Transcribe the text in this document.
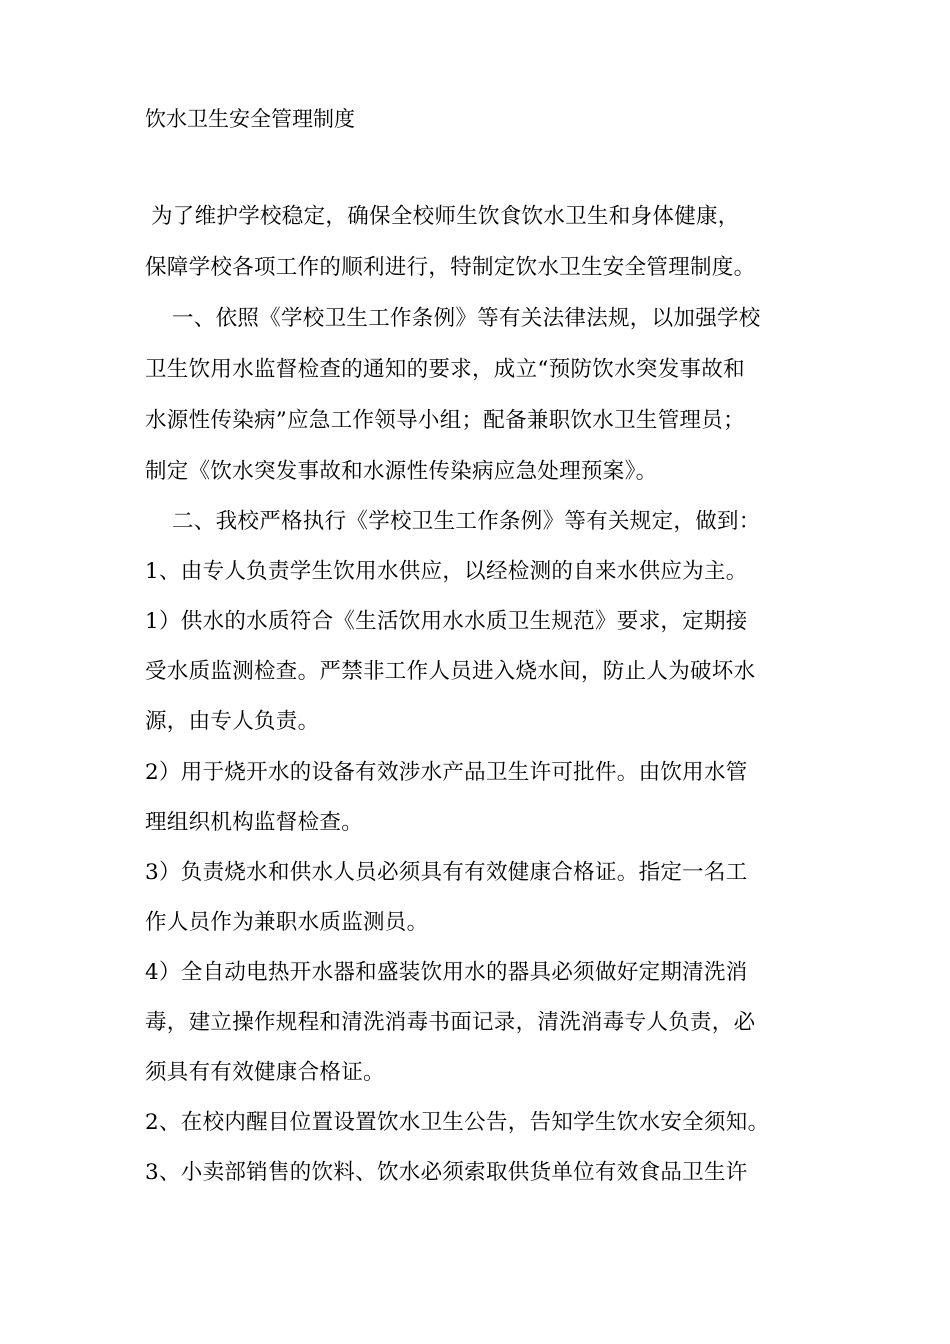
饮水卫生安全管理制度
为了维护学校稳定，确保全校师生饮食饮水卫生和身体健康，
保障学校各项工作的顺利进行，特制定饮水卫生安全管理制度。
一、依照《学校卫生工作条例》等有关法律法规，以加强学校
卫生饮用水监督检查的通知的要求，成立“预防饮水突发事故和
水源性传染病”应急工作领导小组；配备兼职饮水卫生管理员；
制定《饮水突发事故和水源性传染病应急处理预案》。
二、我校严格执行《学校卫生工作条例》等有关规定，做到：
1、由专人负责学生饮用水供应，以经检测的自来水供应为主。
1）供水的水质符合《生活饮用水水质卫生规范》要求，定期接
受水质监测检查。严禁非工作人员进入烧水间，防止人为破坏水
源，由专人负责。
2）用于烧开水的设备有效涉水产品卫生许可批件。由饮用水管
理组织机构监督检查。
3）负责烧水和供水人员必须具有有效健康合格证。指定一名工
作人员作为兼职水质监测员。
4）全自动电热开水器和盛装饮用水的器具必须做好定期清洗消
毒，建立操作规程和清洗消毒书面记录，清洗消毒专人负责，必
须具有有效健康合格证。
2、在校内醒目位置设置饮水卫生公告，告知学生饮水安全须知。
3、小卖部销售的饮料、饮水必须索取供货单位有效食品卫生许
